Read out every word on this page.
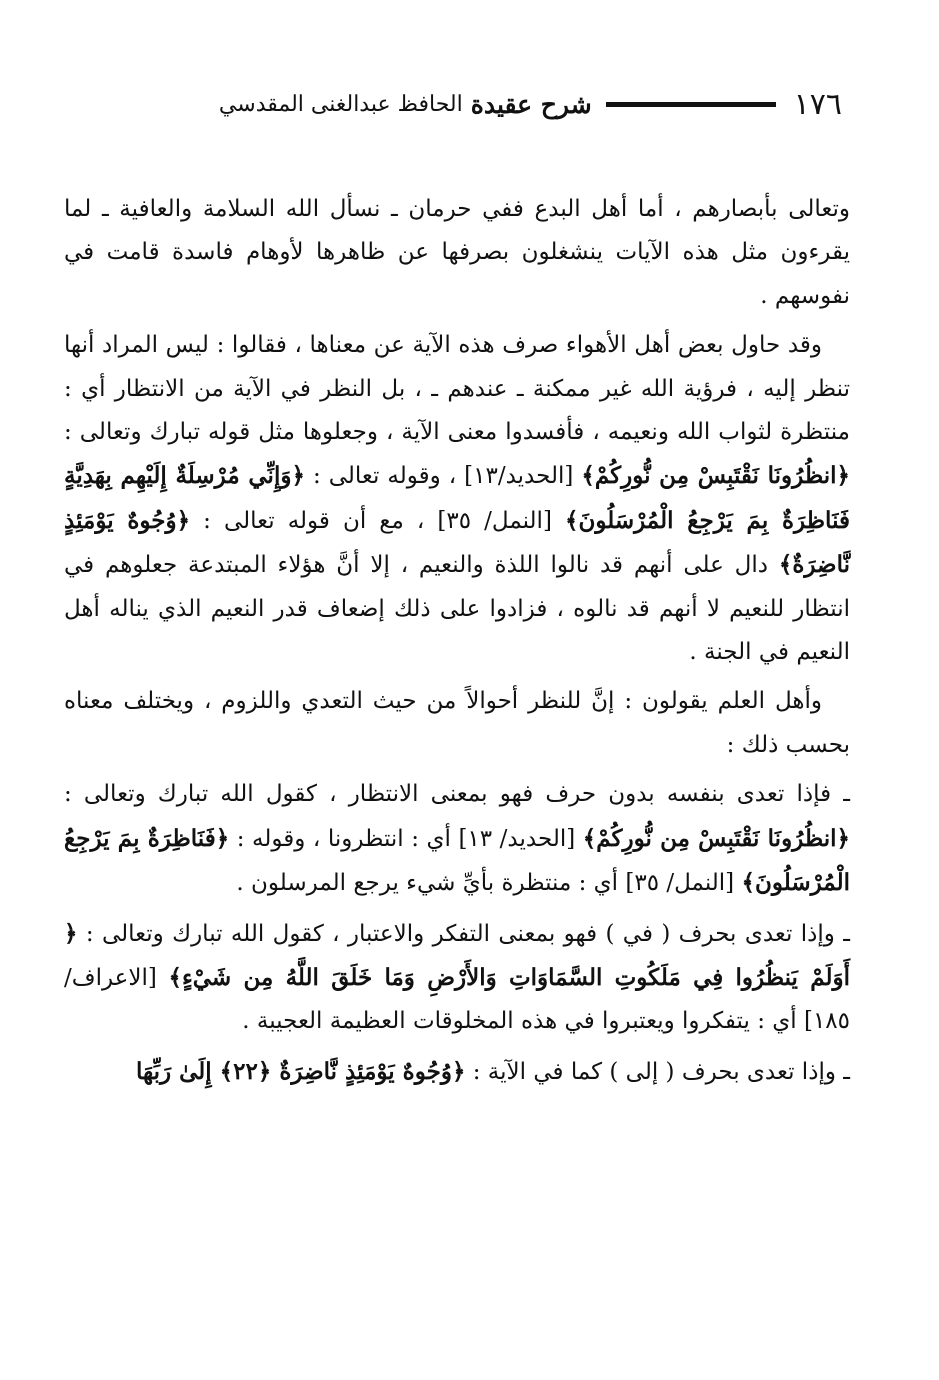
١٧٦
شرح عقيدة
الحافظ عبدالغنى المقدسي

وتعالى بأبصارهم ، أما أهل البدع ففي حرمان ـ نسأل الله السلامة والعافية ـ لما يقرءون مثل هذه الآيات ينشغلون بصرفها عن ظاهرها لأوهام فاسدة قامت في نفوسهم .

وقد حاول بعض أهل الأهواء صرف هذه الآية عن معناها ، فقالوا : ليس المراد أنها تنظر إليه ، فرؤية الله غير ممكنة ـ عندهم ـ ، بل النظر في الآية من الانتظار أي : منتظرة لثواب الله ونعيمه ، فأفسدوا معنى الآية ، وجعلوها مثل قوله تبارك وتعالى : ﴿انظُرُونَا نَقْتَبِسْ مِن نُّورِكُمْ﴾ [الحديد/١٣] ، وقوله تعالى : ﴿وَإِنِّي مُرْسِلَةٌ إِلَيْهِم بِهَدِيَّةٍ فَنَاظِرَةٌ بِمَ يَرْجِعُ الْمُرْسَلُونَ﴾ [النمل/ ٣٥] ، مع أن قوله تعالى : ﴿وُجُوهٌ يَوْمَئِذٍ نَّاضِرَةٌ﴾ دال على أنهم قد نالوا اللذة والنعيم ، إلا أنَّ هؤلاء المبتدعة جعلوهم في انتظار للنعيم لا أنهم قد نالوه ، فزادوا على ذلك إضعاف قدر النعيم الذي يناله أهل النعيم في الجنة .

وأهل العلم يقولون : إنَّ للنظر أحوالاً من حيث التعدي واللزوم ، ويختلف معناه بحسب ذلك :

ـ فإذا تعدى بنفسه بدون حرف فهو بمعنى الانتظار ، كقول الله تبارك وتعالى : ﴿انظُرُونَا نَقْتَبِسْ مِن نُّورِكُمْ﴾ [الحديد/ ١٣] أي : انتظرونا ، وقوله : ﴿فَنَاظِرَةٌ بِمَ يَرْجِعُ الْمُرْسَلُونَ﴾ [النمل/ ٣٥] أي : منتظرة بأيِّ شيء يرجع المرسلون .

ـ وإذا تعدى بحرف ( في ) فهو بمعنى التفكر والاعتبار ، كقول الله تبارك وتعالى : ﴿ أَوَلَمْ يَنظُرُوا فِي مَلَكُوتِ السَّمَاوَاتِ وَالأَرْضِ وَمَا خَلَقَ اللَّهُ مِن شَيْءٍ﴾ [الاعراف/ ١٨٥] أي : يتفكروا ويعتبروا في هذه المخلوقات العظيمة العجيبة .

ـ وإذا تعدى بحرف ( إلى ) كما في الآية : ﴿وُجُوهٌ يَوْمَئِذٍ نَّاضِرَةٌ ﴿٢٢﴾ إِلَىٰ رَبِّهَا
